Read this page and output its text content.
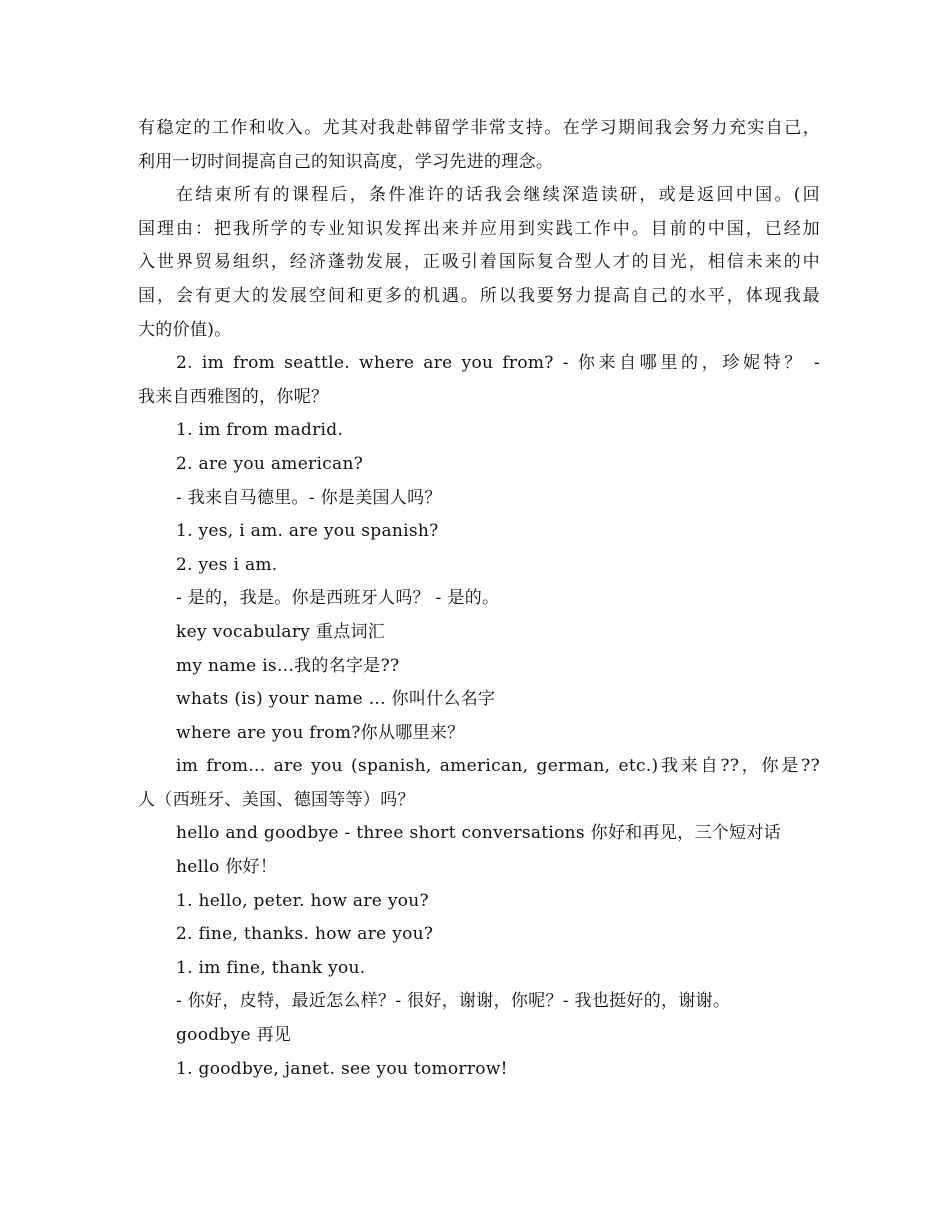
有稳定的工作和收入。尤其对我赴韩留学非常支持。在学习期间我会努力充实自己，
利用一切时间提高自己的知识高度，学习先进的理念。
在结束所有的课程后，条件准许的话我会继续深造读研，或是返回中国。(回
国理由：把我所学的专业知识发挥出来并应用到实践工作中。目前的中国，已经加
入世界贸易组织，经济蓬勃发展，正吸引着国际复合型人才的目光，相信未来的中
国，会有更大的发展空间和更多的机遇。所以我要努力提高自己的水平，体现我最
大的价值)。
2. im from seattle. where are you from? - 你来自哪里的，珍妮特？ -
我来自西雅图的，你呢？
1. im from madrid.
2. are you american?
- 我来自马德里。- 你是美国人吗？
1. yes, i am. are you spanish?
2. yes i am.
- 是的，我是。你是西班牙人吗？ - 是的。
key vocabulary 重点词汇
my name is...我的名字是??
whats (is) your name ... 你叫什么名字
where are you from?你从哪里来？
im from... are you (spanish, american, german, etc.)我来自??，你是??
人（西班牙、美国、德国等等）吗？
hello and goodbye - three short conversations 你好和再见，三个短对话
hello 你好！
1. hello, peter. how are you?
2. fine, thanks. how are you?
1. im fine, thank you.
- 你好，皮特，最近怎么样？- 很好，谢谢，你呢？- 我也挺好的，谢谢。
goodbye 再见
1. goodbye, janet. see you tomorrow!
